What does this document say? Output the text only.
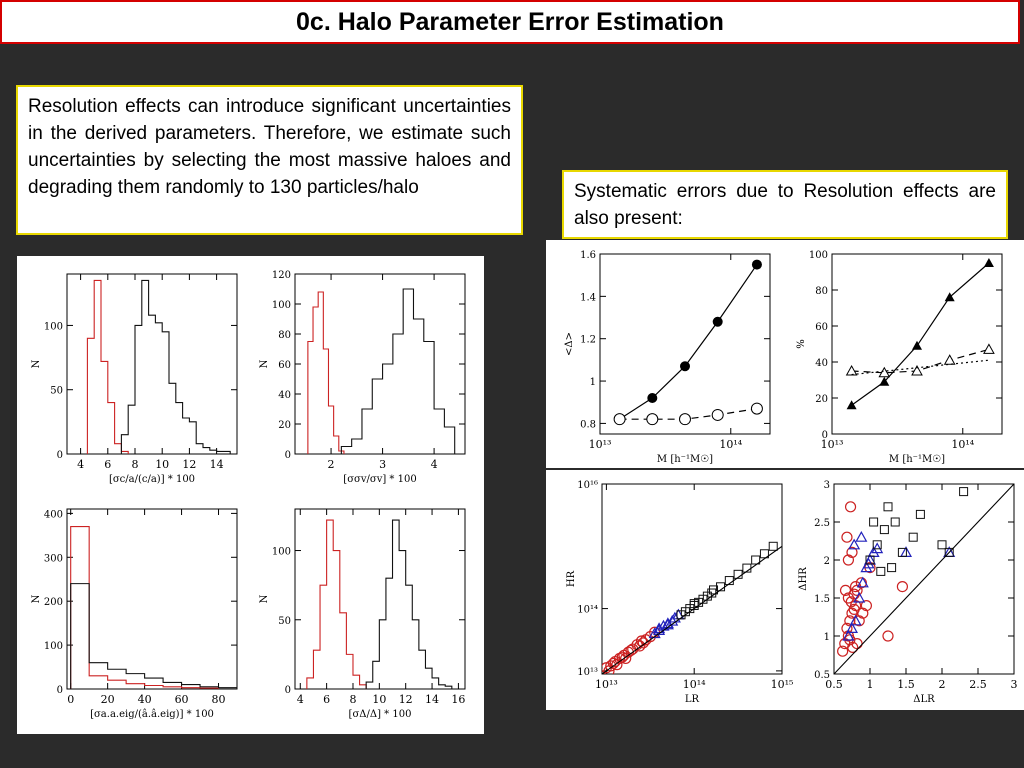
0c. Halo Parameter Error Estimation
Resolution effects can introduce significant uncertainties in the derived parameters. Therefore, we estimate such uncertainties by selecting the most massive haloes and degrading them randomly to 130 particles/halo	Systematic errors due to Resolution effects are also present:
4 6 8 10 12 14
0
50
100
[σc/a/(c/a)] * 100
N
2	3	4
0
20
40
60
80
100
120
[σσv/σv] * 100
N
0 20 40 60 80
0
100
200
300
400
[σa.a.eig/(â.â.eig)] * 100
N
4 6 8 10 12 14 16
0
50
100
[σΔ/Δ] * 100
N
10¹³	10¹⁴
0.8
1
1.2
1.4
1.6
M [h⁻¹M☉]
<Δ>
10¹³	10¹⁴
0
20
40
60
80
100
M [h⁻¹M☉]
%
10¹³	10¹⁴	10¹⁵
10¹³
10¹⁴
10¹⁶
LR
HR
0.5 1 1.5 2 2.5 3
0.5
1
1.5
2
2.5
3
ΔLR
ΔHR
